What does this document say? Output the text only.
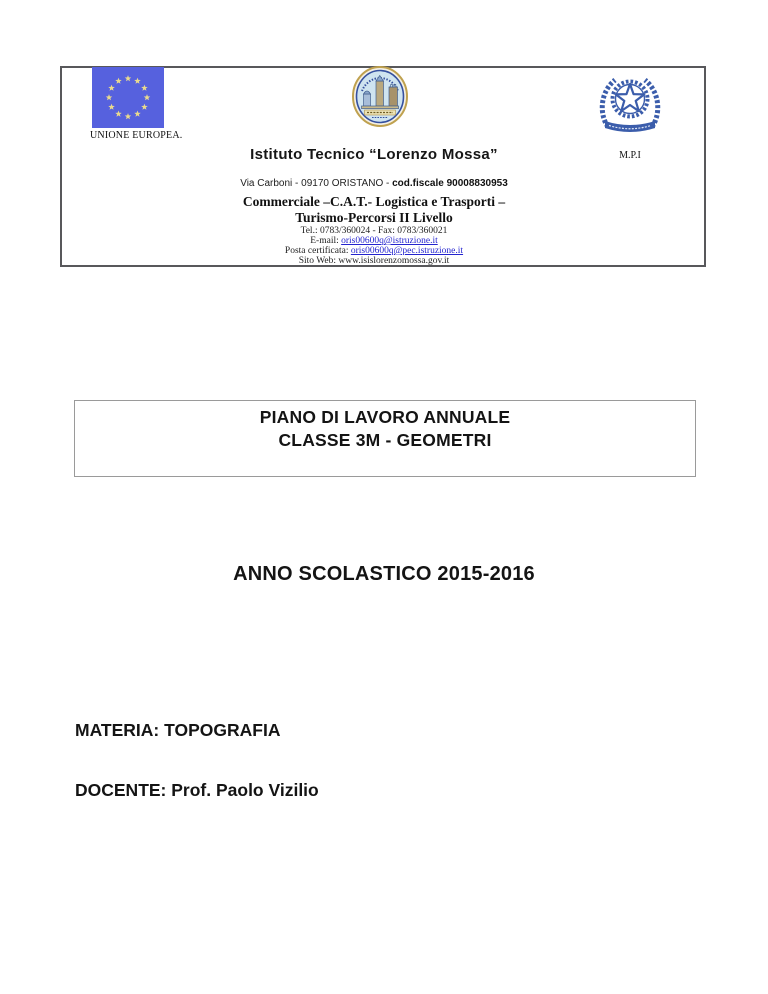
UNIONE EUROPEA.
M.P.I
Istituto Tecnico “Lorenzo Mossa”
Via Carboni - 09170 ORISTANO - cod.fiscale 90008830953
Commerciale –C.A.T.- Logistica e Trasporti –
Turismo-Percorsi II Livello
Tel.: 0783/360024 - Fax: 0783/360021
E-mail: oris00600q@istruzione.it
Posta certificata: oris00600q@pec.istruzione.it
Sito Web: www.isislorenzomossa.gov.it
PIANO DI LAVORO ANNUALE
CLASSE 3M - GEOMETRI
ANNO SCOLASTICO 2015-2016
MATERIA: TOPOGRAFIA
DOCENTE: Prof. Paolo Vizilio
